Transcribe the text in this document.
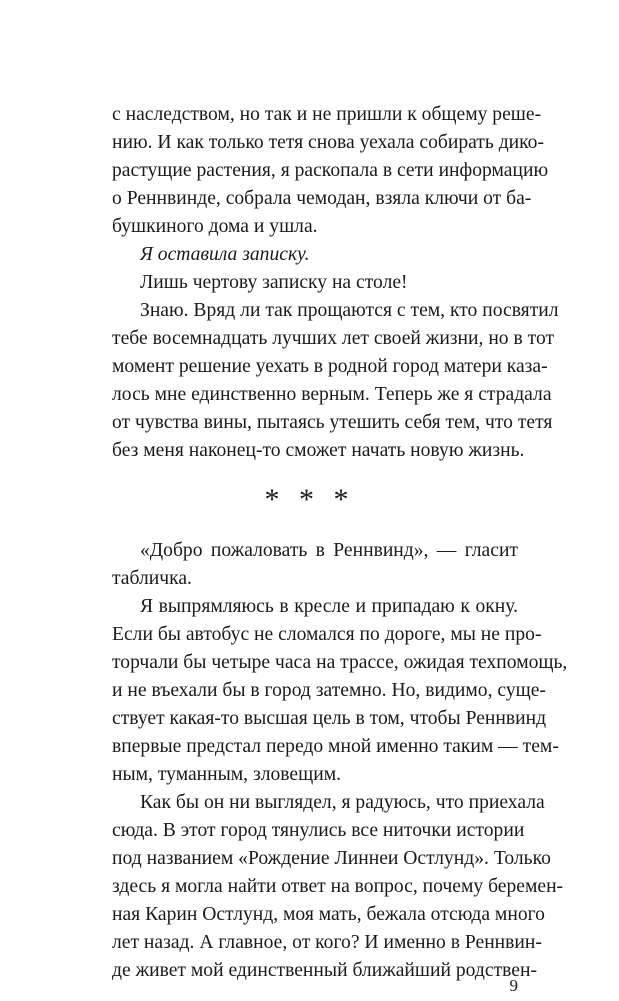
с наследством, но так и не пришли к общему реше-
нию. И как только тетя снова уехала собирать дико-
растущие растения, я раскопала в сети информацию
о Реннвинде, собрала чемодан, взяла ключи от ба-
бушкиного дома и ушла.
Я оставила записку.
Лишь чертову записку на столе!
Знаю. Вряд ли так прощаются с тем, кто посвятил
тебе восемнадцать лучших лет своей жизни, но в тот
момент решение уехать в родной город матери каза-
лось мне единственно верным. Теперь же я страдала
от чувства вины, пытаясь утешить себя тем, что тетя
без меня наконец-то сможет начать новую жизнь.
* * *
«Добро пожаловать в Реннвинд», — гласит
табличка.
Я выпрямляюсь в кресле и припадаю к окну.
Если бы автобус не сломался по дороге, мы не про-
торчали бы четыре часа на трассе, ожидая техпомощь,
и не въехали бы в город затемно. Но, видимо, суще-
ствует какая-то высшая цель в том, чтобы Реннвинд
впервые предстал передо мной именно таким — тем-
ным, туманным, зловещим.
Как бы он ни выглядел, я радуюсь, что приехала
сюда. В этот город тянулись все ниточки истории
под названием «Рождение Линнеи Остлунд». Только
здесь я могла найти ответ на вопрос, почему беремен-
ная Карин Остлунд, моя мать, бежала отсюда много
лет назад. А главное, от кого? И именно в Реннвин-
де живет мой единственный ближайший родствен-
9
